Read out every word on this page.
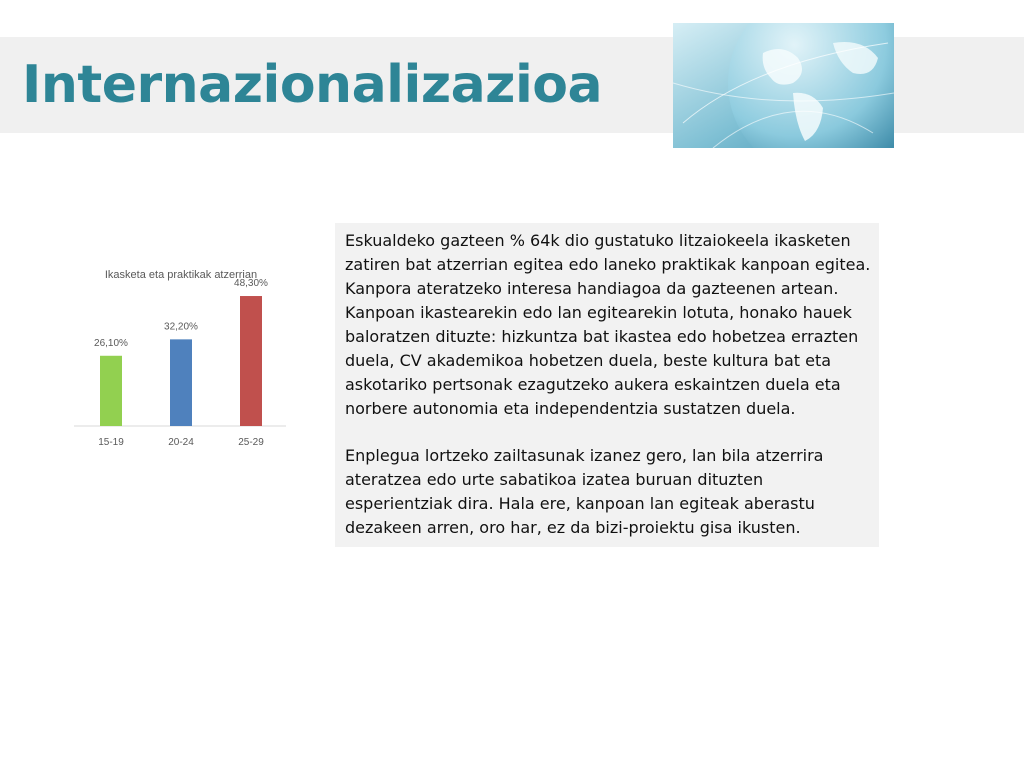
Internazionalizazioa
Ikasketa eta praktikak atzerrian
26,10%
15-19
32,20%
20-24
48,30%
25-29

Eskualdeko gazteen % 64k dio gustatuko litzaiokeela ikasketen zatiren bat atzerrian egitea edo laneko praktikak kanpoan egitea. Kanpora ateratzeko interesa handiagoa da gazteenen artean. Kanpoan ikastearekin edo lan egitearekin lotuta, honako hauek baloratzen dituzte: hizkuntza bat ikastea edo hobetzea errazten duela, CV akademikoa hobetzen duela, beste kultura bat eta askotariko pertsonak ezagutzeko aukera eskaintzen duela eta norbere autonomia eta independentzia sustatzen duela.

Enplegua lortzeko zailtasunak izanez gero, lan bila atzerrira ateratzea edo urte sabatikoa izatea buruan dituzten esperientziak dira. Hala ere, kanpoan lan egiteak aberastu dezakeen arren, oro har, ez da bizi-proiektu gisa ikusten.
